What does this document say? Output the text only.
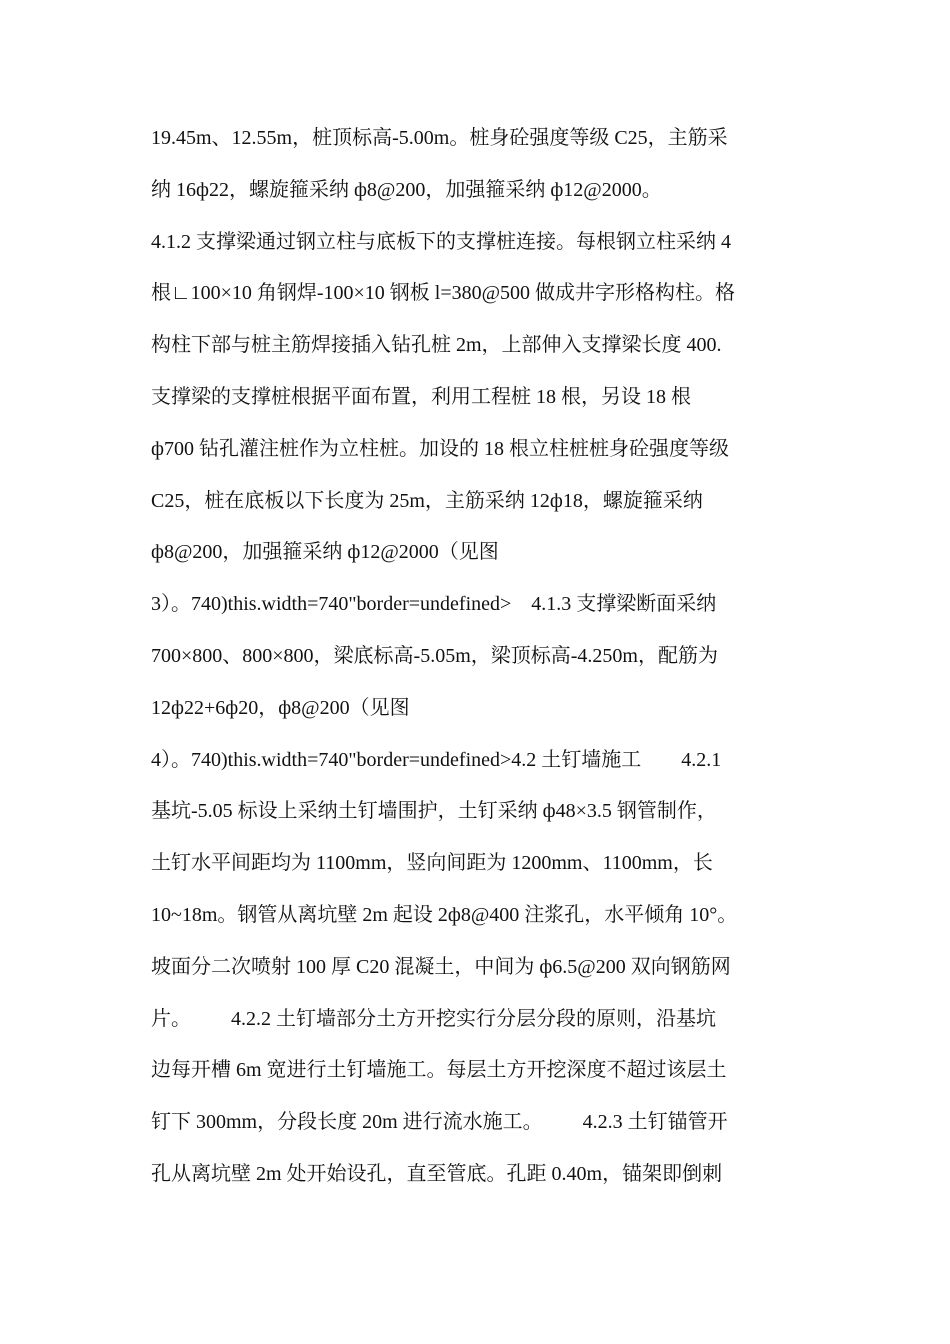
19.45m、12.55m，桩顶标高-5.00m。桩身砼强度等级 C25，主筋采
纳 16ф22，螺旋箍采纳 ф8@200，加强箍采纳 ф12@2000。
4.1.2 支撑梁通过钢立柱与底板下的支撑桩连接。每根钢立柱采纳 4
根∟100×10 角钢焊-100×10 钢板 l=380@500 做成井字形格构柱。格
构柱下部与桩主筋焊接插入钻孔桩 2m，上部伸入支撑梁长度 400.
支撑梁的支撑桩根据平面布置，利用工程桩 18 根，另设 18 根
ф700 钻孔灌注桩作为立柱桩。加设的 18 根立柱桩桩身砼强度等级
C25，桩在底板以下长度为 25m，主筋采纳 12ф18，螺旋箍采纳
ф8@200，加强箍采纳 ф12@2000（见图
3）。740)this.width=740"border=undefined>    4.1.3 支撑梁断面采纳
700×800、800×800，梁底标高-5.05m，梁顶标高-4.250m，配筋为
12ф22+6ф20，ф8@200（见图
4）。740)this.width=740"border=undefined>4.2 土钉墙施工        4.2.1
基坑-5.05 标设上采纳土钉墙围护，土钉采纳 ф48×3.5 钢管制作，
土钉水平间距均为 1100mm，竖向间距为 1200mm、1100mm，长
10~18m。钢管从离坑壁 2m 起设 2ф8@400 注浆孔，水平倾角 10°。
坡面分二次喷射 100 厚 C20 混凝土，中间为 ф6.5@200 双向钢筋网
片。        4.2.2 土钉墙部分土方开挖实行分层分段的原则，沿基坑
边每开槽 6m 宽进行土钉墙施工。每层土方开挖深度不超过该层土
钉下 300mm，分段长度 20m 进行流水施工。        4.2.3 土钉锚管开
孔从离坑壁 2m 处开始设孔，直至管底。孔距 0.40m，锚架即倒刺
